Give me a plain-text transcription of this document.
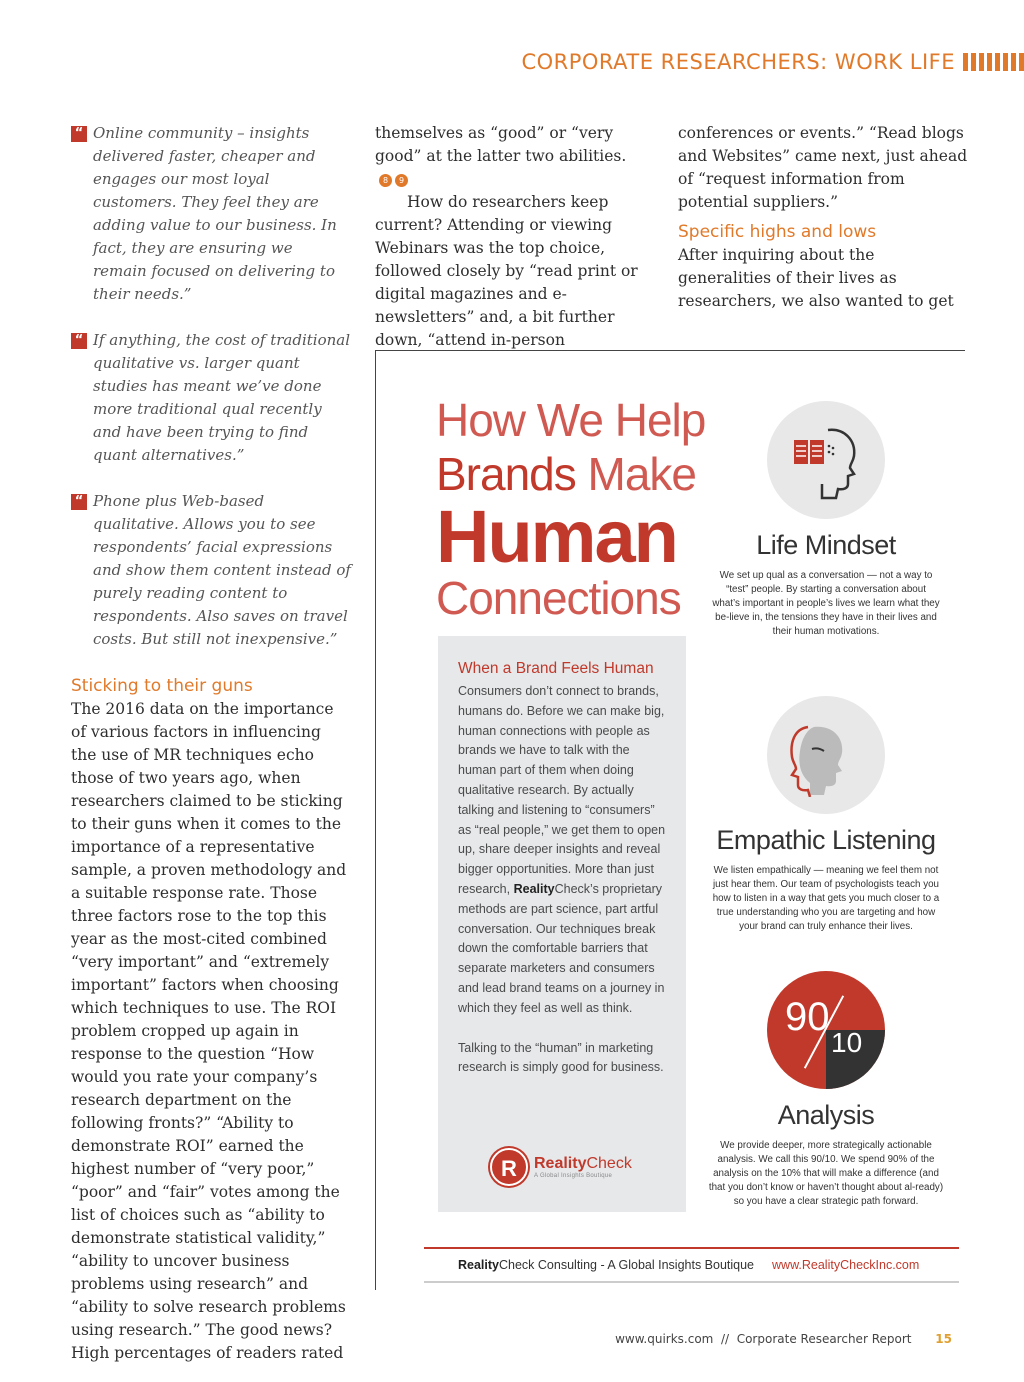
CORPORATE RESEARCHERS: WORK LIFE
“ Online community – insights delivered faster, cheaper and engages our most loyal customers. They feel they are adding value to our business. In fact, they are ensuring we remain focused on delivering to their needs.”
“ If anything, the cost of traditional qualitative vs. larger quant studies has meant we’ve done more traditional qual recently and have been trying to find quant alternatives.”
“ Phone plus Web-based qualitative. Allows you to see respondents’ facial expressions and show them content instead of purely reading content to respondents. Also saves on travel costs. But still not inexpensive.”
Sticking to their guns
The 2016 data on the importance of various factors in influencing the use of MR techniques echo those of two years ago, when researchers claimed to be sticking to their guns when it comes to the importance of a representative sample, a proven methodology and a suitable response rate. Those three factors rose to the top this year as the most-cited combined “very important” and “extremely important” factors when choosing which techniques to use. The ROI problem cropped up again in response to the question “How would you rate your company’s research department on the following fronts?” “Ability to demonstrate ROI” earned the highest number of “very poor,” “poor” and “fair” votes among the list of choices such as “ability to demonstrate statistical validity,” “ability to uncover business problems using research” and “ability to solve research problems using research.” The good news? High percentages of readers rated
themselves as “good” or “very good” at the latter two abilities.
8	9
How do researchers keep current? Attending or viewing Webinars was the top choice, followed closely by “read print or digital magazines and e-newsletters” and, a bit further down, “attend in-person
conferences or events.” “Read blogs and Websites” came next, just ahead of “request information from potential suppliers.”
Specific highs and lows
After inquiring about the generalities of their lives as researchers, we also wanted to get
How We Help
Brands Make
Human
Connections
When a Brand Feels Human
Consumers don’t connect to brands, humans do. Before we can make big, human connections with people as brands we have to talk with the human part of them when doing qualitative research. By actually talking and listening to “consumers” as “real people,” we get them to open up, share deeper insights and reveal bigger opportunities. More than just research, RealityCheck’s proprietary methods are part science, part artful conversation. Our techniques break down the comfortable barriers that separate marketers and consumers and lead brand teams on a journey in which they feel as well as think.
Talking to the “human” in marketing research is simply good for business.
R	RealityCheck
A Global Insights Boutique
Life Mindset
We set up qual as a conversation — not a way to “test” people. By starting a conversation about what’s important in people’s lives we learn what they be-lieve in, the tensions they have in their lives and their human motivations.
Empathic Listening
We listen empathically — meaning we feel them not just hear them. Our team of psychologists teach you how to listen in a way that gets you much closer to a true understanding who you are targeting and how your brand can truly enhance their lives.
90
10
Analysis
We provide deeper, more strategically actionable analysis. We call this 90/10. We spend 90% of the analysis on the 10% that will make a difference (and that you don’t know or haven’t thought about al-ready) so you have a clear strategic path forward.
RealityCheck Consulting - A Global Insights Boutique www.RealityCheckInc.com
www.quirks.com  //  Corporate Researcher Report 15
